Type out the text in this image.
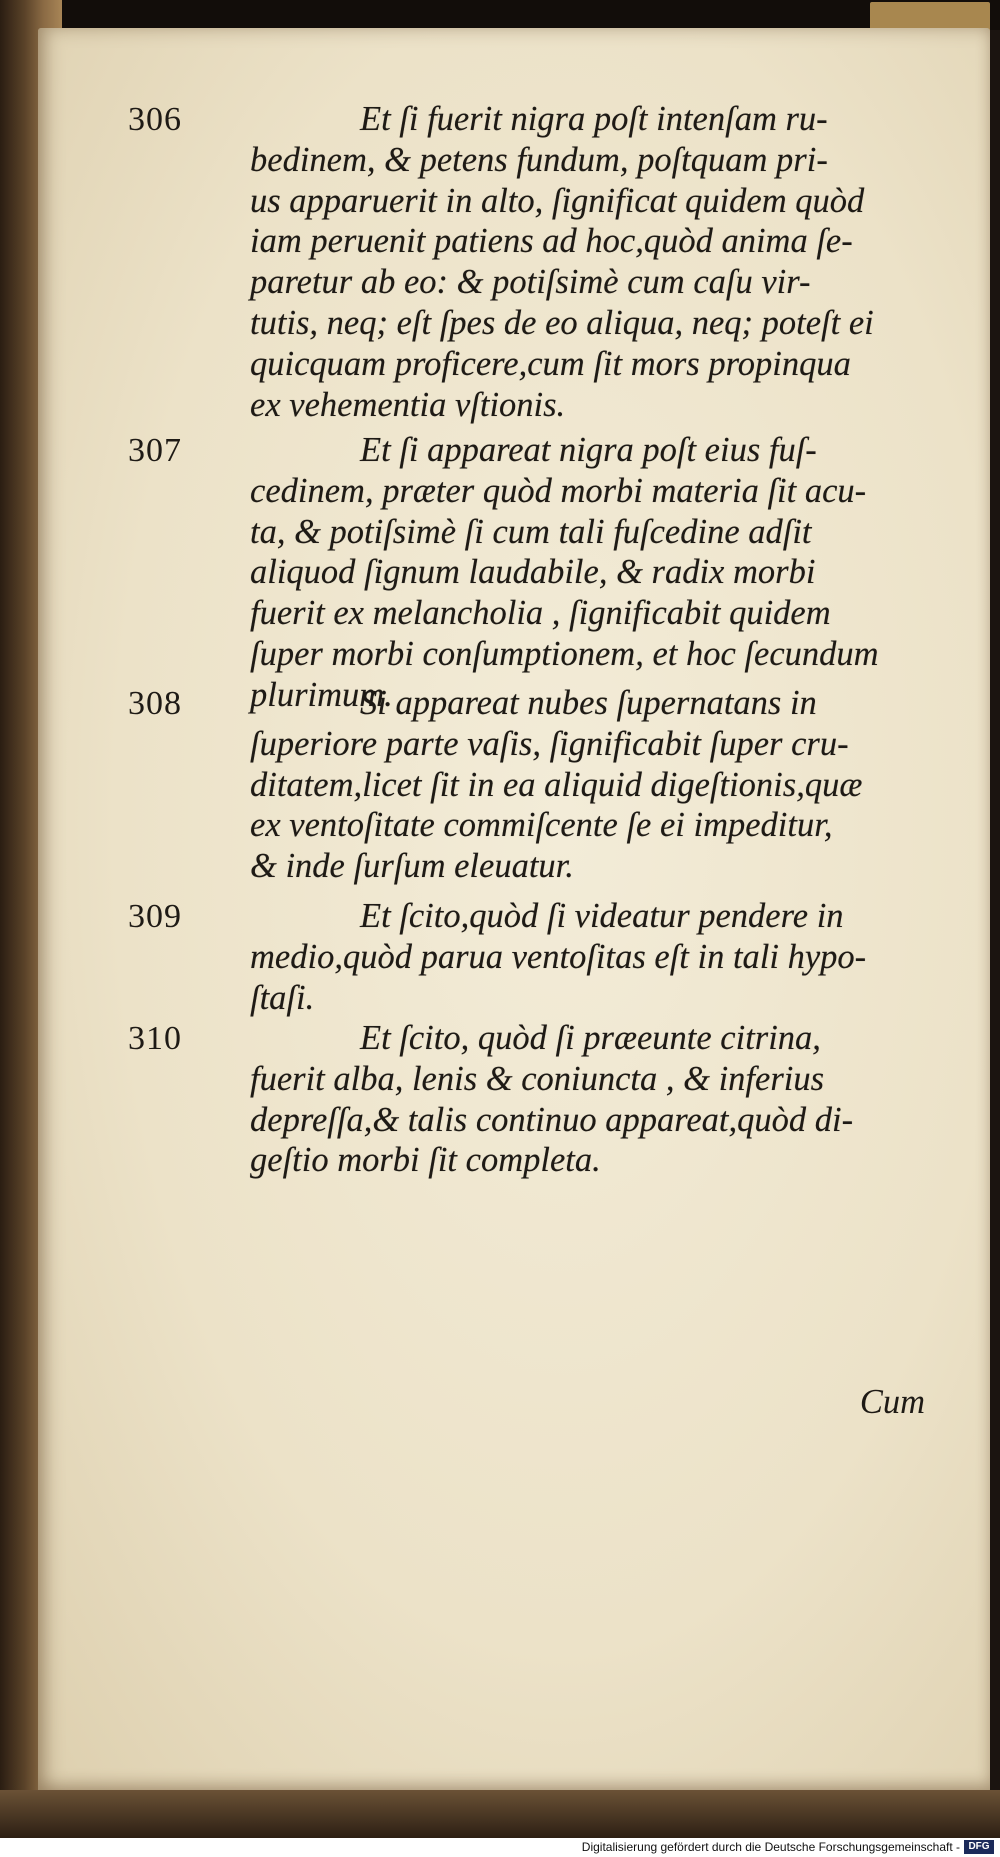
306	Et ſi fuerit nigra poſt intenſam ru-
bedinem, & petens fundum, poſtquam pri-
us apparuerit in alto, ſignificat quidem quòd
iam peruenit patiens ad hoc,quòd anima ſe-
paretur ab eo: & potiſsimè cum caſu vir-
tutis, neq; eſt ſpes de eo aliqua, neq; poteſt ei
quicquam proficere,cum ſit mors propinqua
ex vehementia vſtionis.
307	Et ſi appareat nigra poſt eius fuſ-
cedinem, præter quòd morbi materia ſit acu-
ta, & potiſsimè ſi cum tali fuſcedine adſit
aliquod ſignum laudabile, & radix morbi
fuerit ex melancholia , ſignificabit quidem
ſuper morbi conſumptionem, et hoc ſecundum
plurimum.
308	Si appareat nubes ſupernatans in
ſuperiore parte vaſis, ſignificabit ſuper cru-
ditatem,licet ſit in ea aliquid digeſtionis,quæ
ex ventoſitate commiſcente ſe ei impeditur,
& inde ſurſum eleuatur.
309	Et ſcito,quòd ſi videatur pendere in
medio,quòd parua ventoſitas eſt in tali hypo-
ſtaſi.
310	Et ſcito, quòd ſi præeunte citrina,
fuerit alba, lenis & coniuncta , & inferius
depreſſa,& talis continuo appareat,quòd di-
geſtio morbi ſit completa.
Cum
Digitalisierung gefördert durch die Deutsche Forschungsgemeinschaft - DFG
